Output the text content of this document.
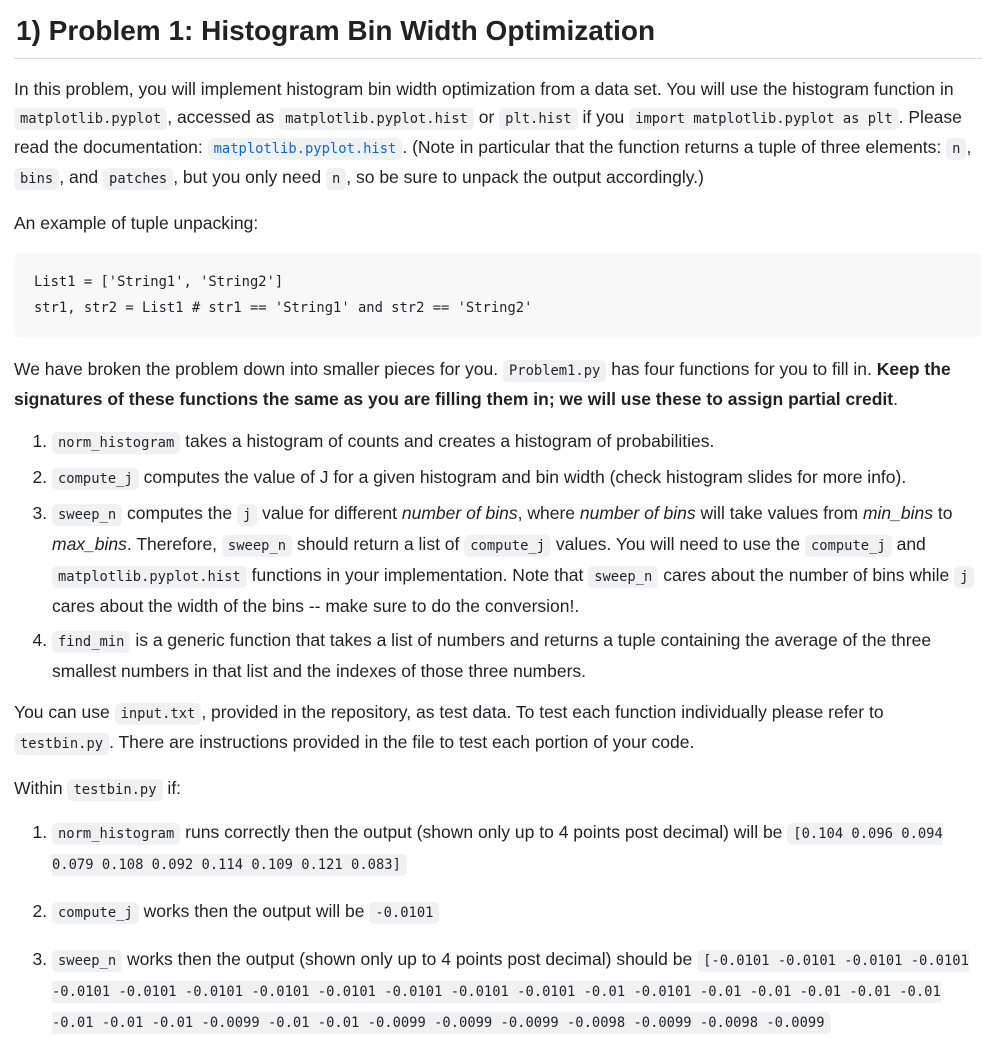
1) Problem 1: Histogram Bin Width Optimization

In this problem, you will implement histogram bin width optimization from a data set. You will use the histogram function in matplotlib.pyplot , accessed as matplotlib.pyplot.hist or plt.hist if you import matplotlib.pyplot as plt . Please read the documentation: matplotlib.pyplot.hist . (Note in particular that the function returns a tuple of three elements: n , bins , and patches , but you only need n , so be sure to unpack the output accordingly.)

An example of tuple unpacking:

List1 = ['String1', 'String2']
str1, str2 = List1 # str1 == 'String1' and str2 == 'String2'

We have broken the problem down into smaller pieces for you. Problem1.py has four functions for you to fill in. Keep the signatures of these functions the same as you are filling them in; we will use these to assign partial credit.

1. norm_histogram takes a histogram of counts and creates a histogram of probabilities.
2. compute_j computes the value of J for a given histogram and bin width (check histogram slides for more info).
3. sweep_n computes the j value for different number of bins, where number of bins will take values from min_bins to max_bins. Therefore, sweep_n should return a list of compute_j values. You will need to use the compute_j and matplotlib.pyplot.hist functions in your implementation. Note that sweep_n cares about the number of bins while j cares about the width of the bins -- make sure to do the conversion!.
4. find_min is a generic function that takes a list of numbers and returns a tuple containing the average of the three smallest numbers in that list and the indexes of those three numbers.

You can use input.txt , provided in the repository, as test data. To test each function individually please refer to testbin.py . There are instructions provided in the file to test each portion of your code.

Within testbin.py if:

1. norm_histogram runs correctly then the output (shown only up to 4 points post decimal) will be [0.104 0.096 0.094 0.079 0.108 0.092 0.114 0.109 0.121 0.083]
2. compute_j works then the output will be -0.0101
3. sweep_n works then the output (shown only up to 4 points post decimal) should be [-0.0101 -0.0101 -0.0101 -0.0101 -0.0101 -0.0101 -0.0101 -0.0101 -0.0101 -0.0101 -0.0101 -0.0101 -0.01 -0.0101 -0.01 -0.01 -0.01 -0.01 -0.01 -0.01 -0.01 -0.01 -0.0099 -0.01 -0.01 -0.0099 -0.0099 -0.0099 -0.0098 -0.0099 -0.0098 -0.0099
